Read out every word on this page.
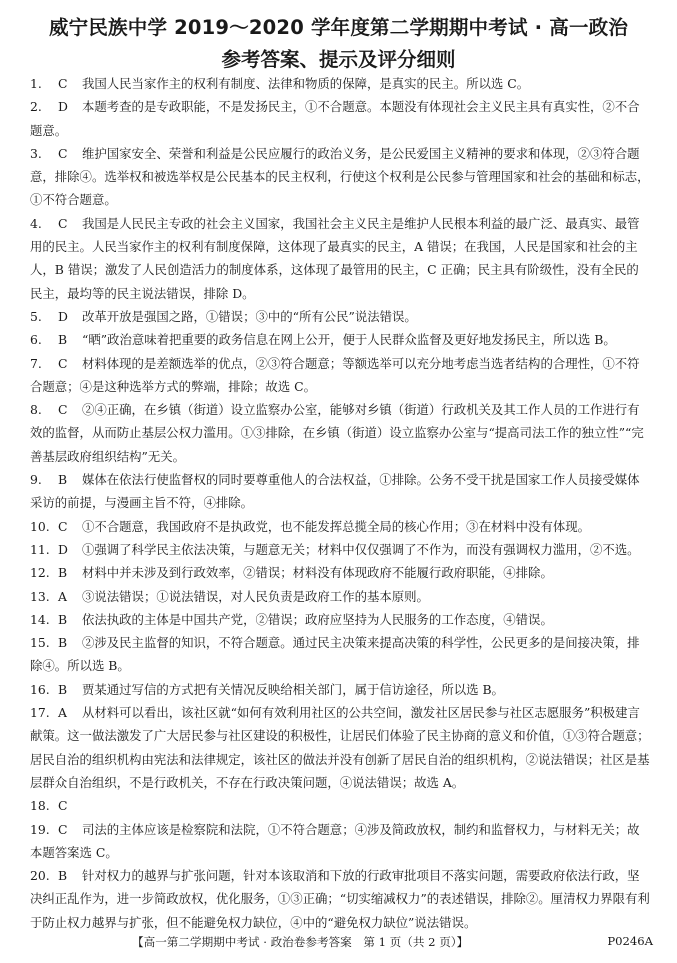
威宁民族中学 2019～2020 学年度第二学期期中考试 · 高一政治
参考答案、提示及评分细则
1. C 我国人民当家作主的权利有制度、法律和物质的保障，是真实的民主。所以选 C。
2. D 本题考查的是专政职能，不是发扬民主，①不合题意。本题没有体现社会主义民主具有真实性，②不合题意。
3. C 维护国家安全、荣誉和利益是公民应履行的政治义务，是公民爱国主义精神的要求和体现，②③符合题意，排除④。选举权和被选举权是公民基本的民主权利，行使这个权利是公民参与管理国家和社会的基础和标志，①不符合题意。
4. C 我国是人民民主专政的社会主义国家，我国社会主义民主是维护人民根本利益的最广泛、最真实、最管用的民主。人民当家作主的权利有制度保障，这体现了最真实的民主，A 错误；在我国，人民是国家和社会的主人，B 错误；激发了人民创造活力的制度体系，这体现了最管用的民主，C 正确；民主具有阶级性，没有全民的民主，最均等的民主说法错误，排除 D。
5. D 改革开放是强国之路，①错误；③中的“所有公民”说法错误。
6. B “晒”政治意味着把重要的政务信息在网上公开，便于人民群众监督及更好地发扬民主，所以选 B。
7. C 材料体现的是差额选举的优点，②③符合题意；等额选举可以充分地考虑当选者结构的合理性，①不符合题意；④是这种选举方式的弊端，排除；故选 C。
8. C ②④正确，在乡镇（街道）设立监察办公室，能够对乡镇（街道）行政机关及其工作人员的工作进行有效的监督，从而防止基层公权力滥用。①③排除，在乡镇（街道）设立监察办公室与“提高司法工作的独立性”“完善基层政府组织结构”无关。
9. B 媒体在依法行使监督权的同时要尊重他人的合法权益，①排除。公务不受干扰是国家工作人员接受媒体采访的前提，与漫画主旨不符，④排除。
10. C ①不合题意，我国政府不是执政党，也不能发挥总揽全局的核心作用；③在材料中没有体现。
11. D ①强调了科学民主依法决策，与题意无关；材料中仅仅强调了不作为，而没有强调权力滥用，②不选。
12. B 材料中并未涉及到行政效率，②错误；材料没有体现政府不能履行政府职能，④排除。
13. A ③说法错误；①说法错误，对人民负责是政府工作的基本原则。
14. B 依法执政的主体是中国共产党，②错误；政府应坚持为人民服务的工作态度，④错误。
15. B ②涉及民主监督的知识，不符合题意。通过民主决策来提高决策的科学性，公民更多的是间接决策，排除④。所以选 B。
16. B 贾某通过写信的方式把有关情况反映给相关部门，属于信访途径，所以选 B。
17. A 从材料可以看出，该社区就“如何有效利用社区的公共空间，激发社区居民参与社区志愿服务”积极建言献策。这一做法激发了广大居民参与社区建设的积极性，让居民们体验了民主协商的意义和价值，①③符合题意；居民自治的组织机构由宪法和法律规定，该社区的做法并没有创新了居民自治的组织机构，②说法错误；社区是基层群众自治组织，不是行政机关，不存在行政决策问题，④说法错误；故选 A。
18. C
19. C 司法的主体应该是检察院和法院，①不符合题意；④涉及简政放权，制约和监督权力，与材料无关；故本题答案选 C。
20. B 针对权力的越界与扩张问题，针对本该取消和下放的行政审批项目不落实问题，需要政府依法行政，坚决纠正乱作为，进一步简政放权，优化服务，①③正确；“切实缩减权力”的表述错误，排除②。厘清权力界限有利于防止权力越界与扩张，但不能避免权力缺位，④中的“避免权力缺位”说法错误。
【高一第二学期期中考试 · 政治卷参考答案　第 1 页（共 2 页）】	P0246A
